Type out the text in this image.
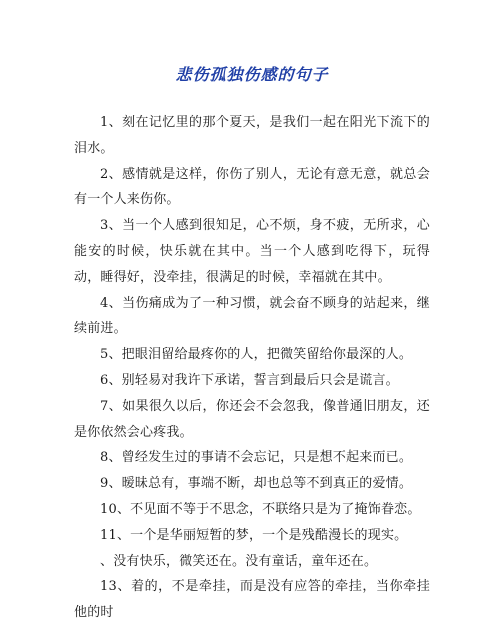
悲伤孤独伤感的句子

1、刻在记忆里的那个夏天，是我们一起在阳光下流下的泪水。

2、感情就是这样，你伤了别人，无论有意无意，就总会有一个人来伤你。

3、当一个人感到很知足，心不烦，身不疲，无所求，心能安的时候，快乐就在其中。当一个人感到吃得下，玩得动，睡得好，没牵挂，很满足的时候，幸福就在其中。

4、当伤痛成为了一种习惯，就会奋不顾身的站起来，继续前进。

5、把眼泪留给最疼你的人，把微笑留给你最深的人。

6、别轻易对我许下承诺，誓言到最后只会是谎言。

7、如果很久以后，你还会不会忽我，像普通旧朋友，还是你依然会心疼我。

8、曾经发生过的事请不会忘记，只是想不起来而已。

9、暧昧总有，事端不断，却也总等不到真正的爱情。

10、不见面不等于不思念，不联络只是为了掩饰眷恋。

11、一个是华丽短暂的梦，一个是残酷漫长的现实。

、没有快乐，微笑还在。没有童话，童年还在。

13、着的，不是牵挂，而是没有应答的牵挂，当你牵挂他的时
